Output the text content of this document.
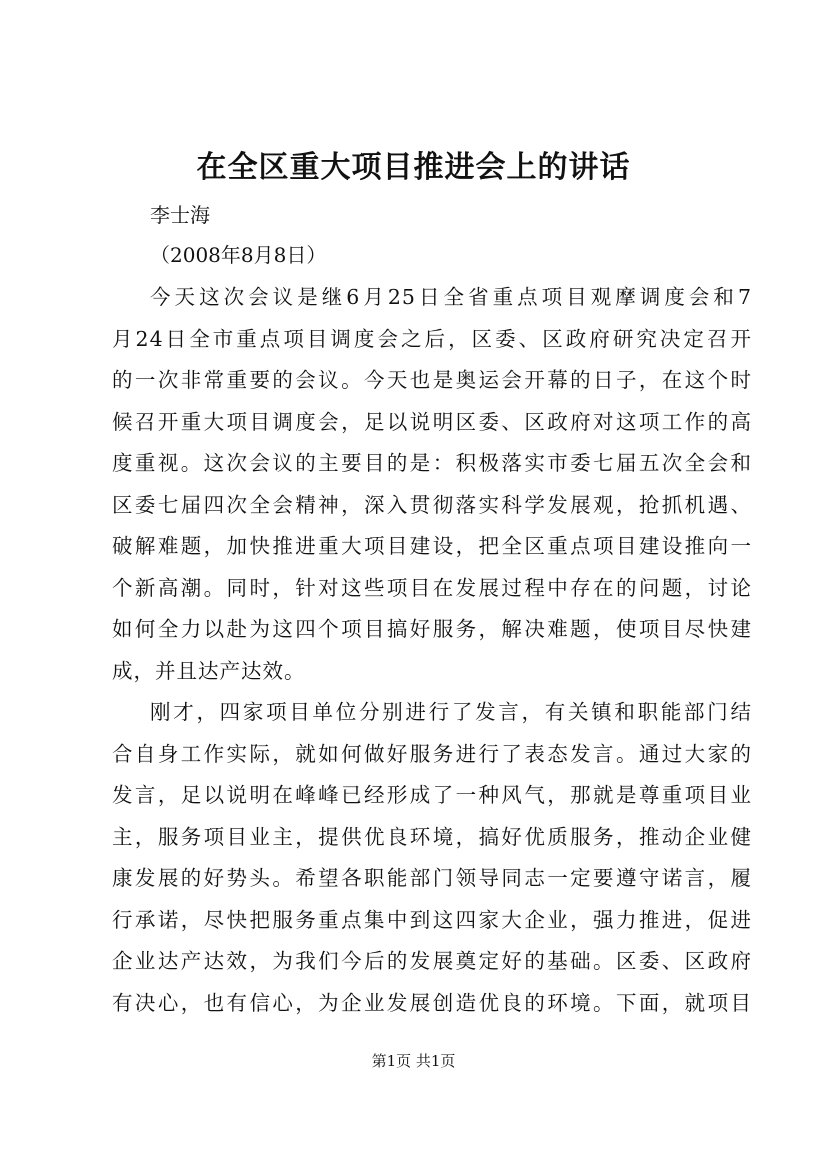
在全区重大项目推进会上的讲话
李士海
（2008年8月8日）
今天这次会议是继6月25日全省重点项目观摩调度会和7
月24日全市重点项目调度会之后，区委、区政府研究决定召开
的一次非常重要的会议。今天也是奥运会开幕的日子，在这个时
候召开重大项目调度会，足以说明区委、区政府对这项工作的高
度重视。这次会议的主要目的是：积极落实市委七届五次全会和
区委七届四次全会精神，深入贯彻落实科学发展观，抢抓机遇、
破解难题，加快推进重大项目建设，把全区重点项目建设推向一
个新高潮。同时，针对这些项目在发展过程中存在的问题，讨论
如何全力以赴为这四个项目搞好服务，解决难题，使项目尽快建
成，并且达产达效。
刚才，四家项目单位分别进行了发言，有关镇和职能部门结
合自身工作实际，就如何做好服务进行了表态发言。通过大家的
发言，足以说明在峰峰已经形成了一种风气，那就是尊重项目业
主，服务项目业主，提供优良环境，搞好优质服务，推动企业健
康发展的好势头。希望各职能部门领导同志一定要遵守诺言，履
行承诺，尽快把服务重点集中到这四家大企业，强力推进，促进
企业达产达效，为我们今后的发展奠定好的基础。区委、区政府
有决心，也有信心，为企业发展创造优良的环境。下面，就项目
第1页 共1页
